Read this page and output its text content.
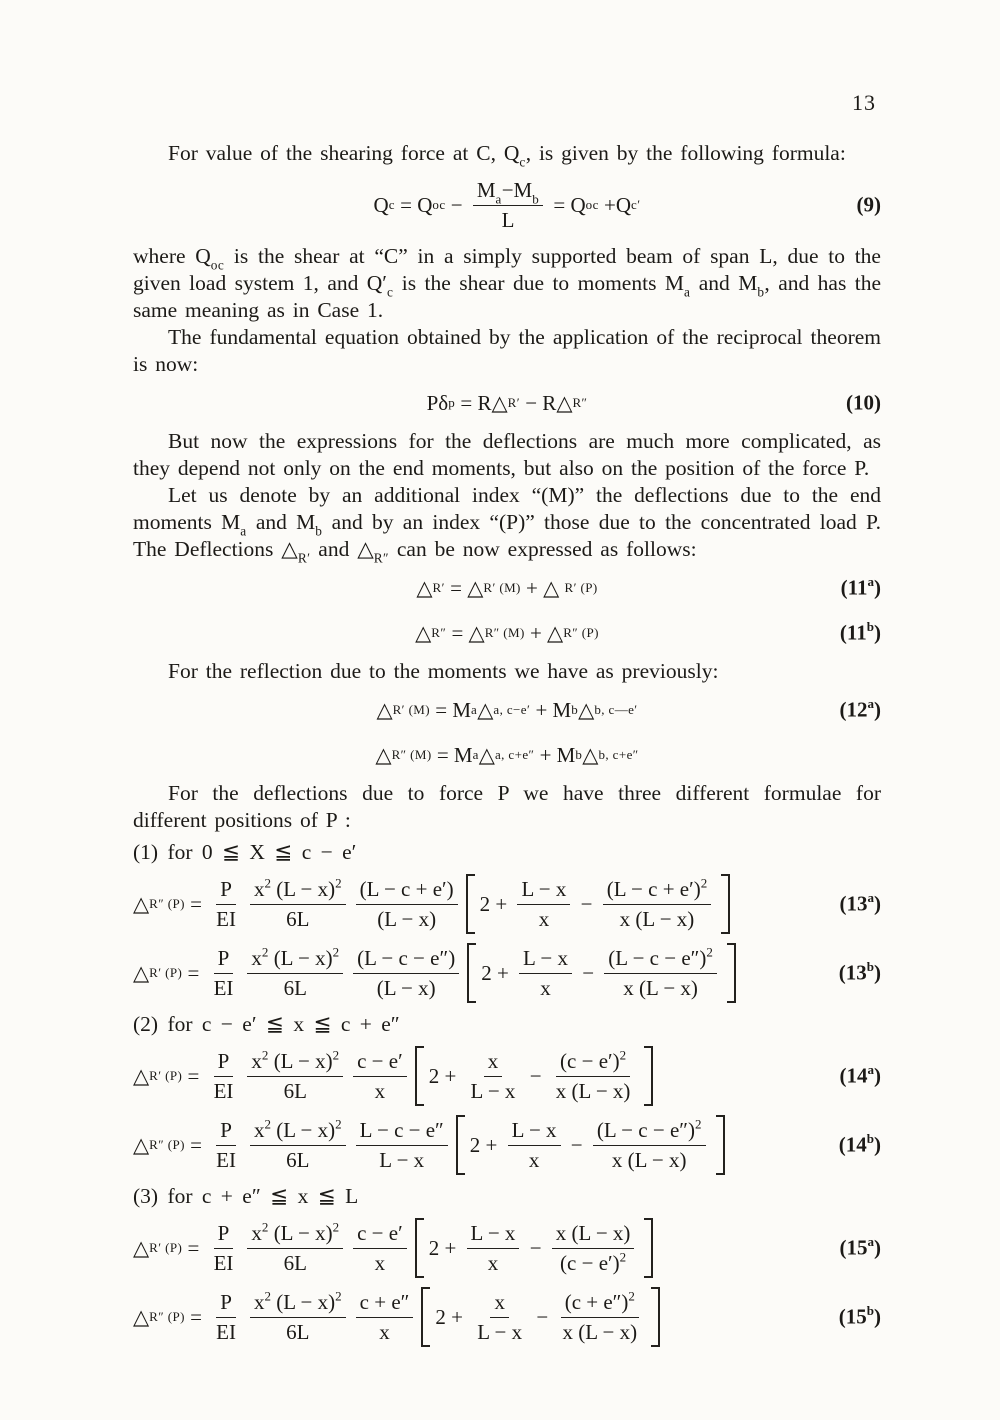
13

For value of the shearing force at C, $Q_c$, is given by the following formula:

Q c = Q oc − $\frac{M_a-M_b}{L} = Q$ oc +Q c′	(9)

where $Q_{oc}$ is the shear at “C” in a simply supported beam of span L, due to the given load system 1, and $Q'_c$ is the shear due to moments $M_a$ and $M_b$, and has the same meaning as in Case 1.

The fundamental equation obtained by the application of the reciprocal theorem is now:

Pδ p = R△ R′ − R△ R″	(10)

But now the expressions for the deflections are much more complicated, as they depend not only on the end moments, but also on the position of the force P.

Let us denote by an additional index “(M)” the deflections due to the end moments $M_a$ and $M_b$ and by an index “(P)” those due to the concentrated load P. The Deflections $\triangle_{R'}$ and $\triangle_{R''}$ can be now expressed as follows:

△ R′ = △ R′ (M) + △ R′ (P)	(11$^a$)
△ R″ = △ R″ (M) + △ R″ (P)	(11$^b$)

For the reflection due to the moments we have as previously:

△ R′ (M) = M a △ a, c−e′ + M b △ b, c—e′	(12$^a$)
△ R″ (M) = M a △ a, c+e″ + M b △ b, c+e″

For the deflections due to force P we have three different formulae for different positions of P :

(1) for 0 ≦ X ≦ c − e′
△ R″ $(P) = \frac{P}{EI} \frac{x^2 (L - x)^2}{6L} \frac{(L - c + e')}{(L - x)} 2 + \frac{L - x}{x} - \frac{(L - c + e')^2}{x (L - x)}$	(13$^a$)
△ R′ $(P) = \frac{P}{EI} \frac{x^2 (L - x)^2}{6L} \frac{(L - c - e'')}{(L - x)} 2 + \frac{L - x}{x} - \frac{(L - c - e'')^2}{x (L - x)}$	(13$^b$)
(2) for c − e′ ≦ x ≦ c + e″
△ R′ $(P) = \frac{P}{EI} \frac{x^2 (L - x)^2}{6L} \frac{c - e'}{x} 2 + \frac{x}{L - x} - \frac{(c - e')^2}{x (L - x)}$	(14$^a$)
△ R″ $(P) = \frac{P}{EI} \frac{x^2 (L - x)^2}{6L} \frac{L - c - e''}{L - x} 2 + \frac{L - x}{x} - \frac{(L - c - e'')^2}{x (L - x)}$	(14$^b$)
(3) for c + e″ ≦ x ≦ L
△ R′ $(P) = \frac{P}{EI} \frac{x^2 (L - x)^2}{6L} \frac{c - e'}{x} 2 + \frac{L - x}{x} - \frac{x (L - x)}{(c - e')^2}$	(15$^a$)
△ R″ $(P) = \frac{P}{EI} \frac{x^2 (L - x)^2}{6L} \frac{c + e''}{x} 2 + \frac{x}{L - x} - \frac{(c + e'')^2}{x (L - x)}$	(15$^b$)
